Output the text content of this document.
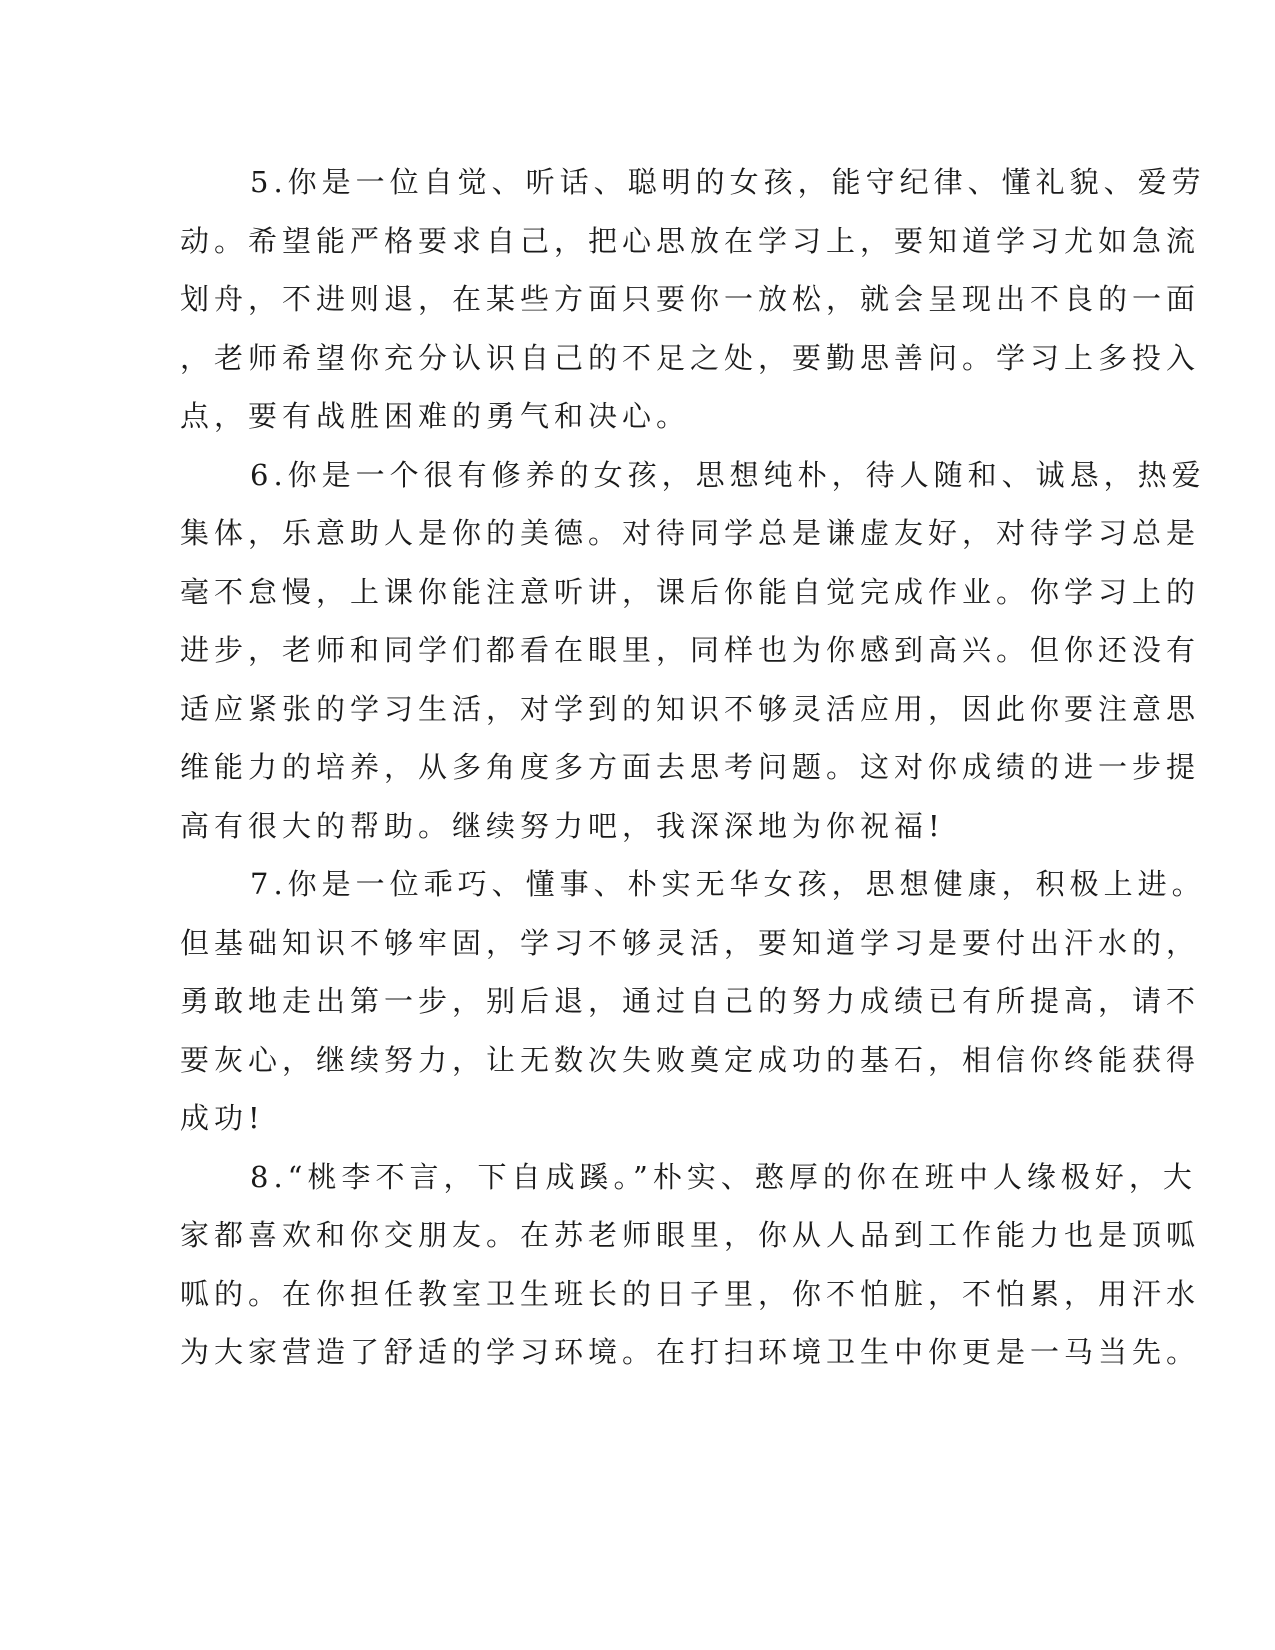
5.你是一位自觉、听话、聪明的女孩，能守纪律、懂礼貌、爱劳
动。希望能严格要求自己，把心思放在学习上，要知道学习尤如急流
划舟，不进则退，在某些方面只要你一放松，就会呈现出不良的一面
，老师希望你充分认识自己的不足之处，要勤思善问。学习上多投入
点，要有战胜困难的勇气和决心。
6.你是一个很有修养的女孩，思想纯朴，待人随和、诚恳，热爱
集体，乐意助人是你的美德。对待同学总是谦虚友好，对待学习总是
毫不怠慢，上课你能注意听讲，课后你能自觉完成作业。你学习上的
进步，老师和同学们都看在眼里，同样也为你感到高兴。但你还没有
适应紧张的学习生活，对学到的知识不够灵活应用，因此你要注意思
维能力的培养，从多角度多方面去思考问题。这对你成绩的进一步提
高有很大的帮助。继续努力吧，我深深地为你祝福!
7.你是一位乖巧、懂事、朴实无华女孩，思想健康，积极上进。
但基础知识不够牢固，学习不够灵活，要知道学习是要付出汗水的，
勇敢地走出第一步，别后退，通过自己的努力成绩已有所提高，请不
要灰心，继续努力，让无数次失败奠定成功的基石，相信你终能获得
成功!
8.“桃李不言，下自成蹊。”朴实、憨厚的你在班中人缘极好，大
家都喜欢和你交朋友。在苏老师眼里，你从人品到工作能力也是顶呱
呱的。在你担任教室卫生班长的日子里，你不怕脏，不怕累，用汗水
为大家营造了舒适的学习环境。在打扫环境卫生中你更是一马当先。
